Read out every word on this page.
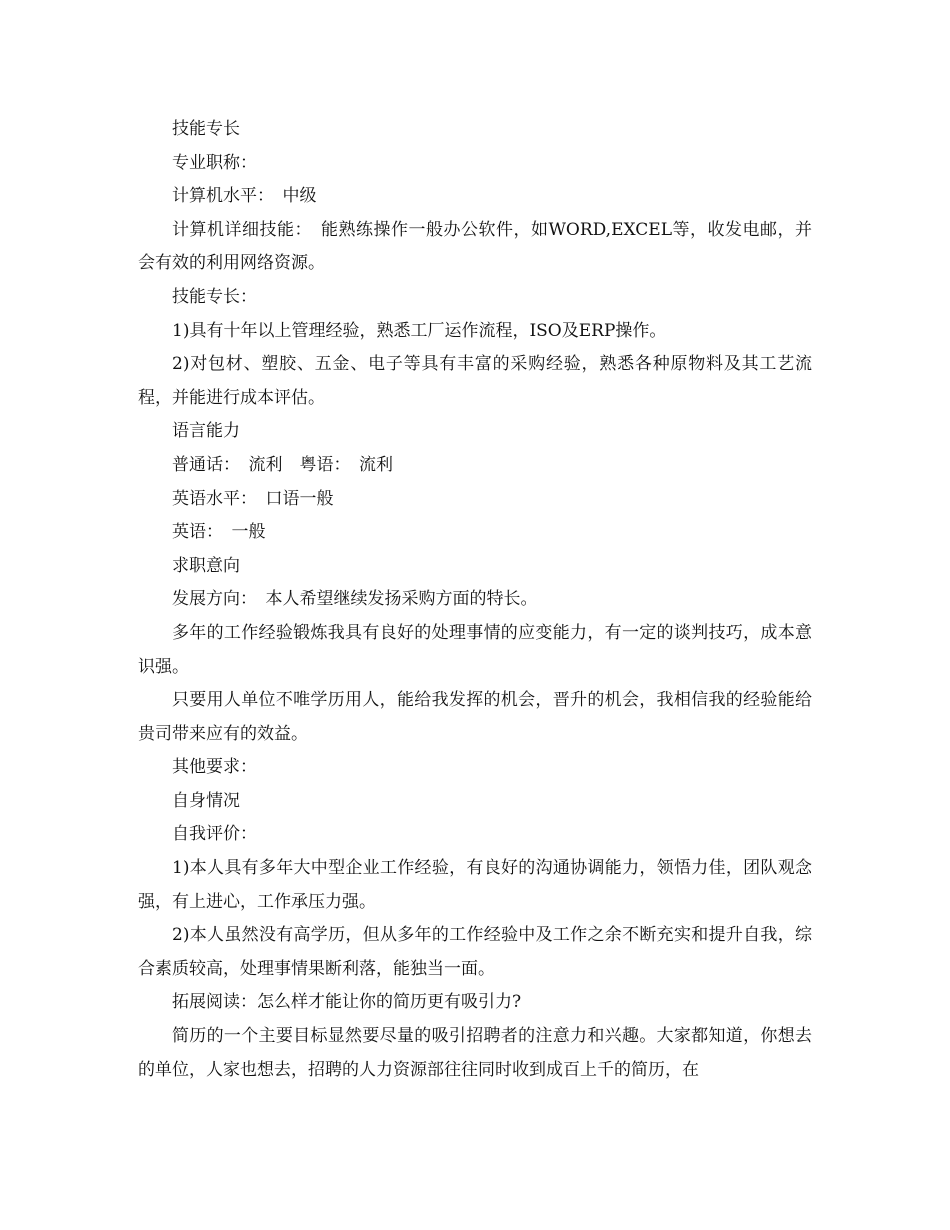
技能专长

专业职称：

计算机水平：　中级

计算机详细技能：　能熟练操作一般办公软件，如WORD,EXCEL等，收发电邮，并会有效的利用网络资源。

技能专长：

1)具有十年以上管理经验，熟悉工厂运作流程，ISO及ERP操作。

2)对包材、塑胶、五金、电子等具有丰富的采购经验，熟悉各种原物料及其工艺流程，并能进行成本评估。

语言能力

普通话：　流利　粤语：　流利

英语水平：　口语一般

英语：　一般

求职意向

发展方向：　本人希望继续发扬采购方面的特长。

多年的工作经验锻炼我具有良好的处理事情的应变能力，有一定的谈判技巧，成本意识强。

只要用人单位不唯学历用人，能给我发挥的机会，晋升的机会，我相信我的经验能给贵司带来应有的效益。

其他要求：

自身情况

自我评价：

1)本人具有多年大中型企业工作经验，有良好的沟通协调能力，领悟力佳，团队观念强，有上进心，工作承压力强。

2)本人虽然没有高学历，但从多年的工作经验中及工作之余不断充实和提升自我，综合素质较高，处理事情果断利落，能独当一面。

拓展阅读：怎么样才能让你的简历更有吸引力?

简历的一个主要目标显然要尽量的吸引招聘者的注意力和兴趣。大家都知道，你想去的单位，人家也想去，招聘的人力资源部往往同时收到成百上千的简历，在
